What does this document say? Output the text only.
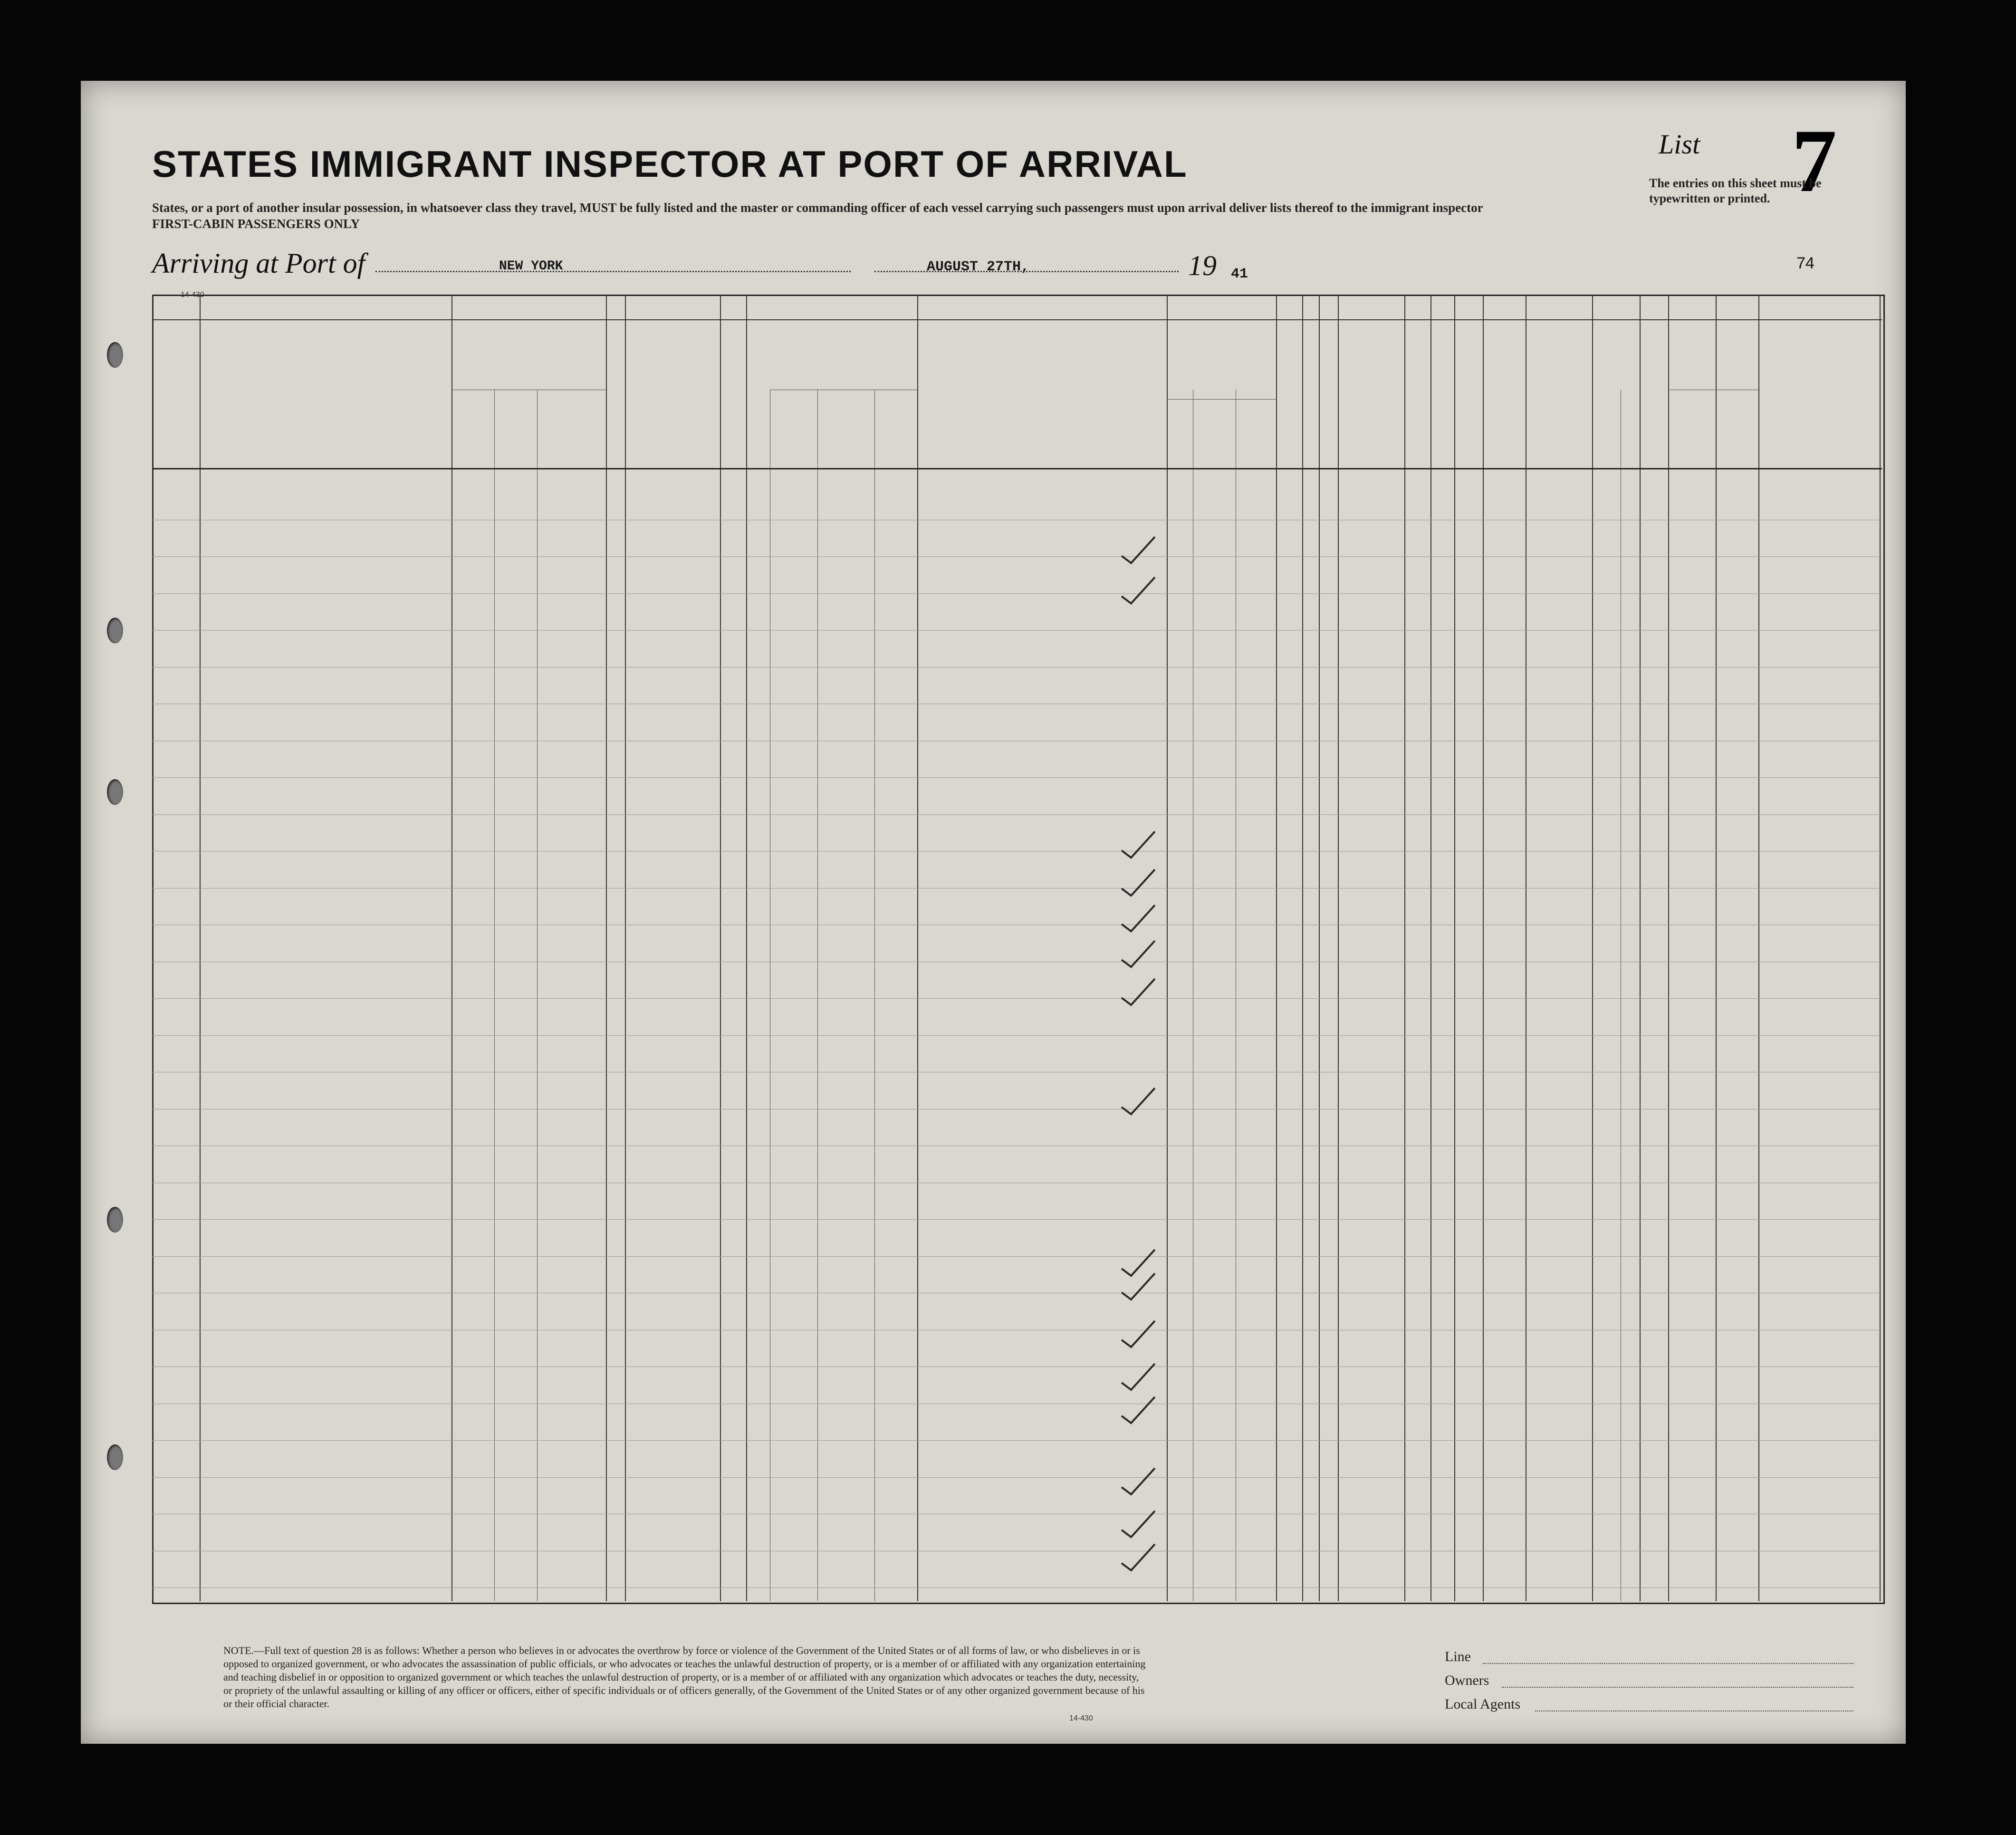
STATES IMMIGRANT INSPECTOR AT PORT OF ARRIVAL
States, or a port of another insular possession, in whatsoever class they travel, MUST be fully listed and the master or commanding officer of each vessel carrying such passengers must upon arrival deliver lists thereof to the immigrant inspector
FIRST-CABIN PASSENGERS ONLY
List 7
The entries on this sheet must be typewritten or printed.
14-430
Arriving at Port of	NEW YORK	AUGUST 27TH,	19 41
74
NOTE.—Full text of question 28 is as follows: Whether a person who believes in or advocates the overthrow by force or violence of the Government of the United States or of all forms of law, or who disbelieves in or is opposed to organized government, or who advocates the assassination of public officials, or who advocates or teaches the unlawful destruction of property, or is a member of or affiliated with any organization entertaining and teaching disbelief in or opposition to organized government or which teaches the unlawful destruction of property, or is a member of or affiliated with any organization which advocates or teaches the duty, necessity, or propriety of the unlawful assaulting or killing of any officer or officers, either of specific individuals or of officers generally, of the Government of the United States or of any other organized government because of his or their official character.
14-430
Line
Owners
Local Agents
